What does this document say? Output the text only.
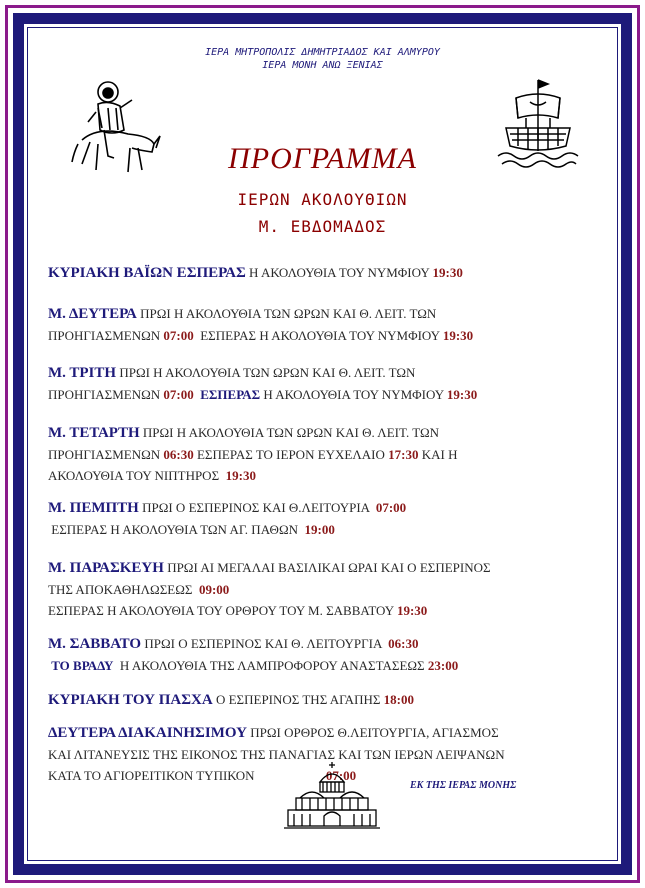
ΙΕΡΑ ΜΗΤΡΟΠΟΛΙΣ ΔΗΜΗΤΡΙΑΔΟΣ ΚΑΙ ΑΛΜΥΡΟΥ
ΙΕΡΑ ΜΟΝΗ ΑΝΩ ΞΕΝΙΑΣ
ΠΡΟΓΡΑΜΜΑ
ΙΕΡΩΝ ΑΚΟΛΟΥΘΙΩΝ
Μ. ΕΒΔΟΜΑΔΟΣ
ΚΥΡΙΑΚΗ ΒΑΪΩΝ ΕΣΠΕΡΑΣ Η ΑΚΟΛΟΥΘΙΑ ΤΟΥ ΝΥΜΦΙΟΥ 19:30
Μ. ΔΕΥΤΕΡΑ ΠΡΩΙ Η ΑΚΟΛΟΥΘΙΑ ΤΩΝ ΩΡΩΝ ΚΑΙ Θ. ΛΕΙΤ. ΤΩΝ
ΠΡΟΗΓΙΑΣΜΕΝΩΝ 07:00 ΕΣΠΕΡΑΣ Η ΑΚΟΛΟΥΘΙΑ ΤΟΥ ΝΥΜΦΙΟΥ 19:30
Μ. ΤΡΙΤΗ ΠΡΩΙ Η ΑΚΟΛΟΥΘΙΑ ΤΩΝ ΩΡΩΝ ΚΑΙ Θ. ΛΕΙΤ. ΤΩΝ
ΠΡΟΗΓΙΑΣΜΕΝΩΝ 07:00 ΕΣΠΕΡΑΣ Η ΑΚΟΛΟΥΘΙΑ ΤΟΥ ΝΥΜΦΙΟΥ 19:30
Μ. ΤΕΤΑΡΤΗ ΠΡΩΙ Η ΑΚΟΛΟΥΘΙΑ ΤΩΝ ΩΡΩΝ ΚΑΙ Θ. ΛΕΙΤ. ΤΩΝ
ΠΡΟΗΓΙΑΣΜΕΝΩΝ 06:30 ΕΣΠΕΡΑΣ ΤΟ ΙΕΡΟΝ ΕΥΧΕΛΑΙΟ 17:30 ΚΑΙ Η
ΑΚΟΛΟΥΘΙΑ ΤΟΥ ΝΙΠΤΗΡΟΣ 19:30
Μ. ΠΕΜΠΤΗ ΠΡΩΙ Ο ΕΣΠΕΡΙΝΟΣ ΚΑΙ Θ.ΛΕΙΤΟΥΡΙΑ 07:00
ΕΣΠΕΡΑΣ Η ΑΚΟΛΟΥΘΙΑ ΤΩΝ ΑΓ. ΠΑΘΩΝ 19:00
Μ. ΠΑΡΑΣΚΕΥΗ ΠΡΩΙ ΑΙ ΜΕΓΑΛΑΙ ΒΑΣΙΛΙΚΑΙ ΩΡΑΙ ΚΑΙ Ο ΕΣΠΕΡΙΝΟΣ
ΤΗΣ ΑΠΟΚΑΘΗΛΩΣΕΩΣ 09:00
ΕΣΠΕΡΑΣ Η ΑΚΟΛΟΥΘΙΑ ΤΟΥ ΟΡΘΡΟΥ ΤΟΥ Μ. ΣΑΒΒΑΤΟΥ 19:30
Μ. ΣΑΒΒΑΤΟ ΠΡΩΙ Ο ΕΣΠΕΡΙΝΟΣ ΚΑΙ Θ. ΛΕΙΤΟΥΡΓΙΑ 06:30
ΤΟ ΒΡΑΔΥ Η ΑΚΟΛΟΥΘΙΑ ΤΗΣ ΛΑΜΠΡΟΦΟΡΟΥ ΑΝΑΣΤΑΣΕΩΣ 23:00
ΚΥΡΙΑΚΗ ΤΟΥ ΠΑΣΧΑ Ο ΕΣΠΕΡΙΝΟΣ ΤΗΣ ΑΓΑΠΗΣ 18:00
ΔΕΥΤΕΡΑ ΔΙΑΚΑΙΝΗΣΙΜΟΥ ΠΡΩΙ ΟΡΘΡΟΣ Θ.ΛΕΙΤΟΥΡΓΙΑ, ΑΓΙΑΣΜΟΣ
ΚΑΙ ΛΙΤΑΝΕΥΣΙΣ ΤΗΣ ΕΙΚΟΝΟΣ ΤΗΣ ΠΑΝΑΓΙΑΣ ΚΑΙ ΤΩΝ ΙΕΡΩΝ ΛΕΙΨΑΝΩΝ
ΚΑΤΑ ΤΟ ΑΓΙΟΡΕΙΤΙΚΟΝ ΤΥΠΙΚΟΝ	07:00
ΕΚ ΤΗΣ ΙΕΡΑΣ ΜΟΝΗΣ
